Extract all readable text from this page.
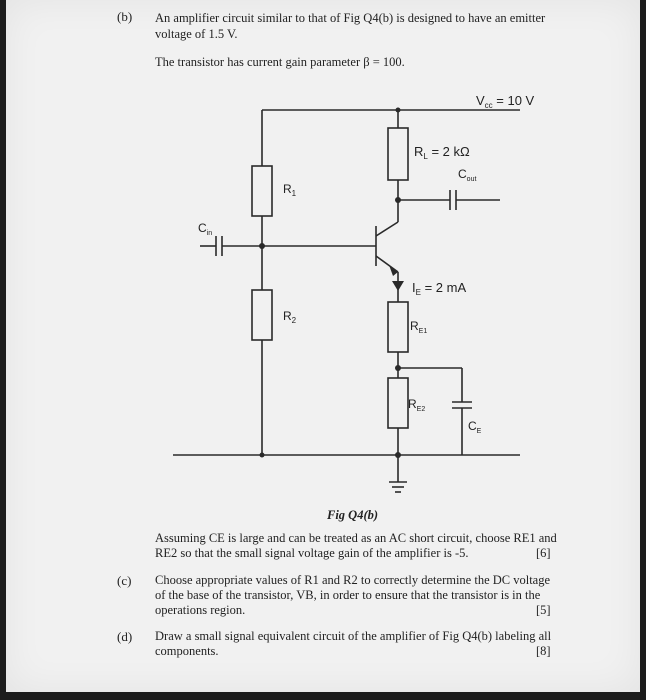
(b) An amplifier circuit similar to that of Fig Q4(b) is designed to have an emitter
voltage of 1.5 V.
The transistor has current gain parameter β = 100.
$V_{cc} = 10$ V
$R_L = 2$ kΩ
$C_{out}$
$R_1$
$C_{in}$
$I_E = 2$ mA
$R_2$	$R_{E1}$
$R_{E2}$
$C_E$
Fig Q4(b)
Assuming CE is large and can be treated as an AC short circuit, choose RE1 and
RE2 so that the small signal voltage gain of the amplifier is -5.	[6]
(c) Choose appropriate values of R1 and R2 to correctly determine the DC voltage
of the base of the transistor, VB, in order to ensure that the transistor is in the
operations region.	[5]
(d) Draw a small signal equivalent circuit of the amplifier of Fig Q4(b) labeling all
components.	[8]
